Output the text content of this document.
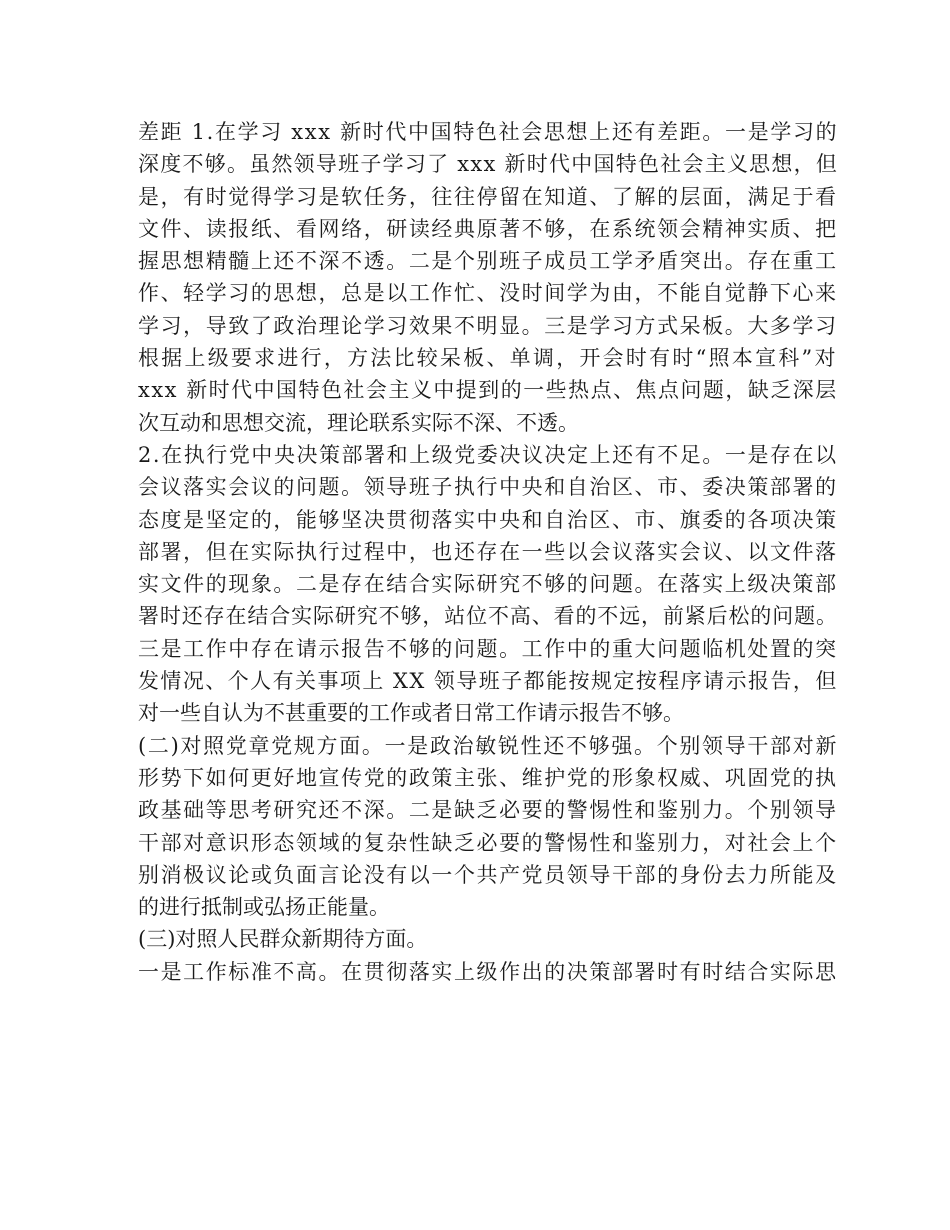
差距 1.在学习 xxx 新时代中国特色社会思想上还有差距。一是学习的
深度不够。虽然领导班子学习了 xxx 新时代中国特色社会主义思想，但
是，有时觉得学习是软任务，往往停留在知道、了解的层面，满足于看
文件、读报纸、看网络，研读经典原著不够，在系统领会精神实质、把
握思想精髓上还不深不透。二是个别班子成员工学矛盾突出。存在重工
作、轻学习的思想，总是以工作忙、没时间学为由，不能自觉静下心来
学习，导致了政治理论学习效果不明显。三是学习方式呆板。大多学习
根据上级要求进行，方法比较呆板、单调，开会时有时“照本宣科”对
xxx 新时代中国特色社会主义中提到的一些热点、焦点问题，缺乏深层
次互动和思想交流，理论联系实际不深、不透。
2.在执行党中央决策部署和上级党委决议决定上还有不足。一是存在以
会议落实会议的问题。领导班子执行中央和自治区、市、委决策部署的
态度是坚定的，能够坚决贯彻落实中央和自治区、市、旗委的各项决策
部署，但在实际执行过程中，也还存在一些以会议落实会议、以文件落
实文件的现象。二是存在结合实际研究不够的问题。在落实上级决策部
署时还存在结合实际研究不够，站位不高、看的不远，前紧后松的问题。
三是工作中存在请示报告不够的问题。工作中的重大问题临机处置的突
发情况、个人有关事项上 XX 领导班子都能按规定按程序请示报告，但
对一些自认为不甚重要的工作或者日常工作请示报告不够。
(二)对照党章党规方面。一是政治敏锐性还不够强。个别领导干部对新
形势下如何更好地宣传党的政策主张、维护党的形象权威、巩固党的执
政基础等思考研究还不深。二是缺乏必要的警惕性和鉴别力。个别领导
干部对意识形态领域的复杂性缺乏必要的警惕性和鉴别力，对社会上个
别消极议论或负面言论没有以一个共产党员领导干部的身份去力所能及
的进行抵制或弘扬正能量。
(三)对照人民群众新期待方面。
一是工作标准不高。在贯彻落实上级作出的决策部署时有时结合实际思
